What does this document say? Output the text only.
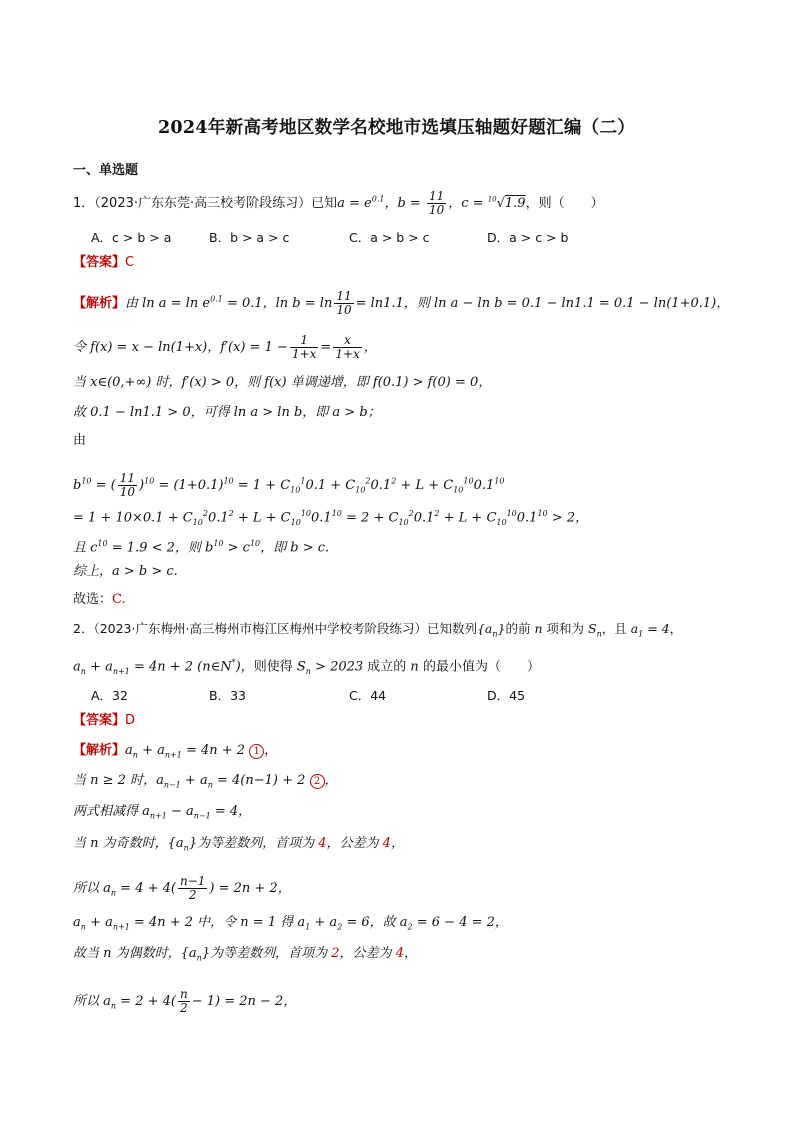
2024年新高考地区数学名校地市选填压轴题好题汇编（二）
一、单选题
1．（2023·广东东莞·高三校考阶段练习）已知$a = e^{0.1}$，$b = \frac{11}{10}$ ，c = $^{10}$√1.9，则（　　）
A．c > b > a	B．b > a > c	C．a > b > c	D．a > c > b
【答案】C
【解析】由 $\ln a = \ln e^{0.1} = 0.1$，$\ln b = \ln \frac{11}{10} = \ln 1.1$，则 ln a − ln b = 0.1 − ln1.1 = 0.1 − ln(1+0.1)，
令 f(x) = x − ln(1+x)，$f'(x) = 1 - \frac{1}{1+x} = \frac{x}{1+x}$ ，
当 x∈(0,+∞) 时，f′(x) > 0，则 f(x) 单调递增，即 f(0.1) > f(0) = 0，
故 0.1 − ln1.1 > 0，可得 ln a > ln b，即 a > b；
由
$b^{10}$ = ( $\frac{11}{10} )^{10} = (1+0.1)^{10} = 1 + C_{10}^10.1 + C_{10}^20.1^2 + L + C_{10}^{10}0.1^{10}$
= $1 + 10\times 0.1 + C_{10}^20.1^2 + L + C_{10}^{10}0.1^{10} = 2 + C_{10}^20.1^2 + L + C_{10}^{10}0.1^{10} > 2$，
且 $c^{10} = 1.9 < 2$，则 $b^{10} > c^{10}$，即 b > c.
综上，a > b > c.
故选：C.
2．（2023·广东梅州·高三梅州市梅江区梅州中学校考阶段练习）已知数列$\{a_n\}$的前 n 项和为 $S_n$，且 $a_1 = 4$，
$a_n + a_{n+1} = 4n + 2$ (n∈N*)，则使得 $S_n > 2023$ 成立的 n 的最小值为（　　）
A．32	B．33	C．44	D．45
【答案】D
【解析】$a_n + a_{n+1} = 4n + 2$ 1 ，
当 n ≥ 2 时，$a_{n-1} + a_n = 4(n-1) + 2$ 2 ，
两式相减得 $a_{n+1} - a_{n-1} = 4$，
当 n 为奇数时，$\{a_n\}$为等差数列，首项为 4，公差为 4，
所以 $a_n = 4 + 4( \frac{n-1}{2}$ ) = 2n + 2，
$a_n + a_{n+1} = 4n + 2$ 中，令 n = 1 得 $a_1 + a_2 = 6$，故 $a_2 = 6 - 4 = 2$，
故当 n 为偶数时，$\{a_n\}$为等差数列，首项为 2，公差为 4，
所以 $a_n = 2 + 4( \frac{n}{2} - 1) = 2n - 2$，
